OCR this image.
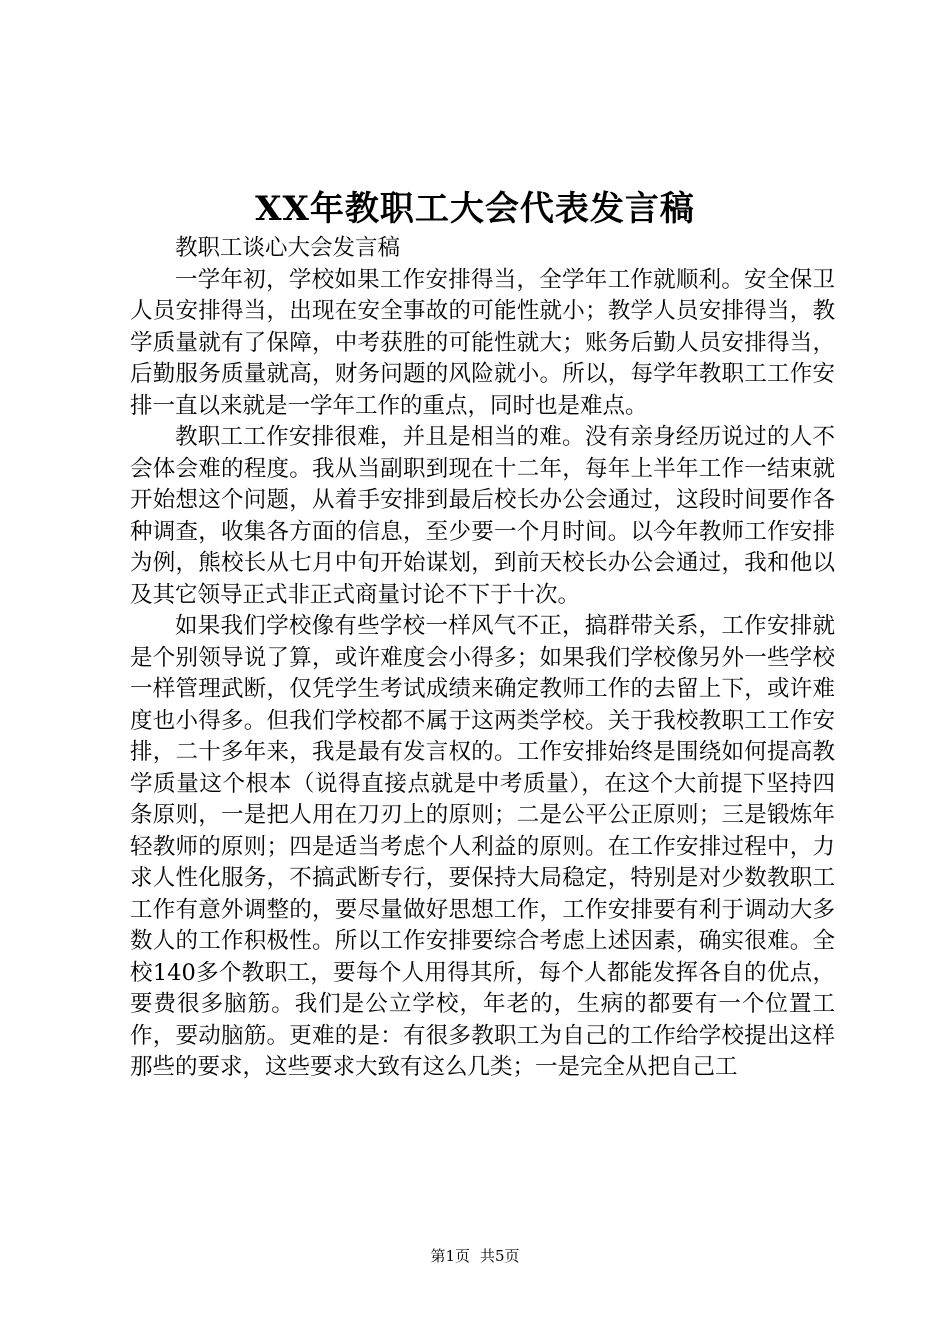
XX年教职工大会代表发言稿

教职工谈心大会发言稿

一学年初，学校如果工作安排得当，全学年工作就顺利。安全保卫人员安排得当，出现在安全事故的可能性就小；教学人员安排得当，教学质量就有了保障，中考获胜的可能性就大；账务后勤人员安排得当，后勤服务质量就高，财务问题的风险就小。所以，每学年教职工工作安排一直以来就是一学年工作的重点，同时也是难点。

教职工工作安排很难，并且是相当的难。没有亲身经历说过的人不会体会难的程度。我从当副职到现在十二年，每年上半年工作一结束就开始想这个问题，从着手安排到最后校长办公会通过，这段时间要作各种调查，收集各方面的信息，至少要一个月时间。以今年教师工作安排为例，熊校长从七月中旬开始谋划，到前天校长办公会通过，我和他以及其它领导正式非正式商量讨论不下于十次。

如果我们学校像有些学校一样风气不正，搞群带关系，工作安排就是个别领导说了算，或许难度会小得多；如果我们学校像另外一些学校一样管理武断，仅凭学生考试成绩来确定教师工作的去留上下，或许难度也小得多。但我们学校都不属于这两类学校。关于我校教职工工作安排，二十多年来，我是最有发言权的。工作安排始终是围绕如何提高教学质量这个根本（说得直接点就是中考质量），在这个大前提下坚持四条原则，一是把人用在刀刃上的原则；二是公平公正原则；三是锻炼年轻教师的原则；四是适当考虑个人利益的原则。在工作安排过程中，力求人性化服务，不搞武断专行，要保持大局稳定，特别是对少数教职工工作有意外调整的，要尽量做好思想工作，工作安排要有利于调动大多数人的工作积极性。所以工作安排要综合考虑上述因素，确实很难。全校140多个教职工，要每个人用得其所，每个人都能发挥各自的优点，要费很多脑筋。我们是公立学校，年老的，生病的都要有一个位置工作，要动脑筋。更难的是：有很多教职工为自己的工作给学校提出这样那些的要求，这些要求大致有这么几类；一是完全从把自己工

第1页 共5页
